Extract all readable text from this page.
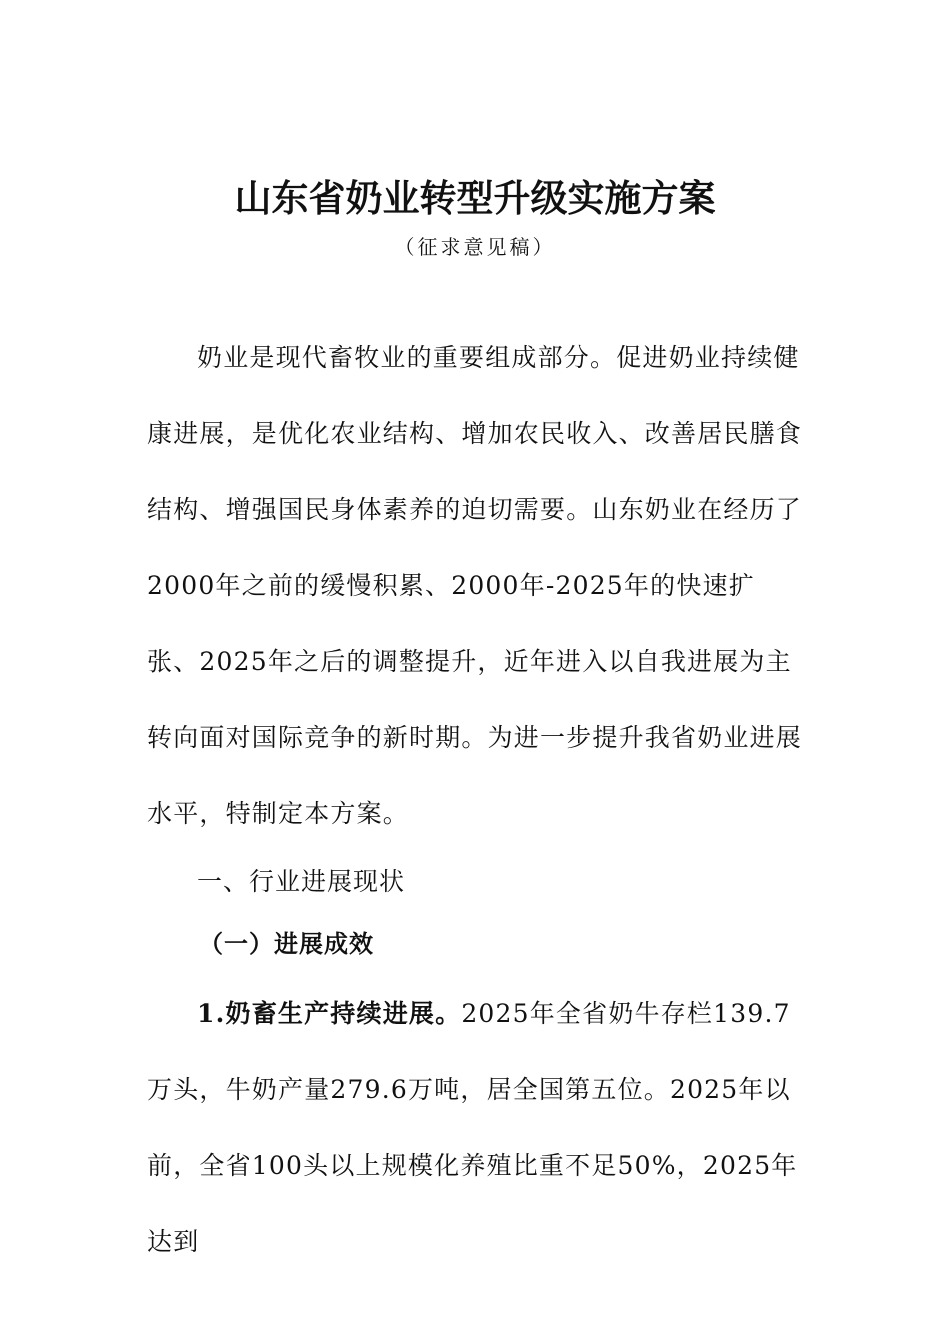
山东省奶业转型升级实施方案
（征求意见稿）

奶业是现代畜牧业的重要组成部分。促进奶业持续健康进展，是优化农业结构、增加农民收入、改善居民膳食结构、增强国民身体素养的迫切需要。山东奶业在经历了2000年之前的缓慢积累、2000年-2025年的快速扩张、2025年之后的调整提升，近年进入以自我进展为主转向面对国际竞争的新时期。为进一步提升我省奶业进展水平，特制定本方案。

一、行业进展现状

（一）进展成效

1.奶畜生产持续进展。2025年全省奶牛存栏139.7万头，牛奶产量279.6万吨，居全国第五位。2025年以前，全省100头以上规模化养殖比重不足50%，2025年达到
